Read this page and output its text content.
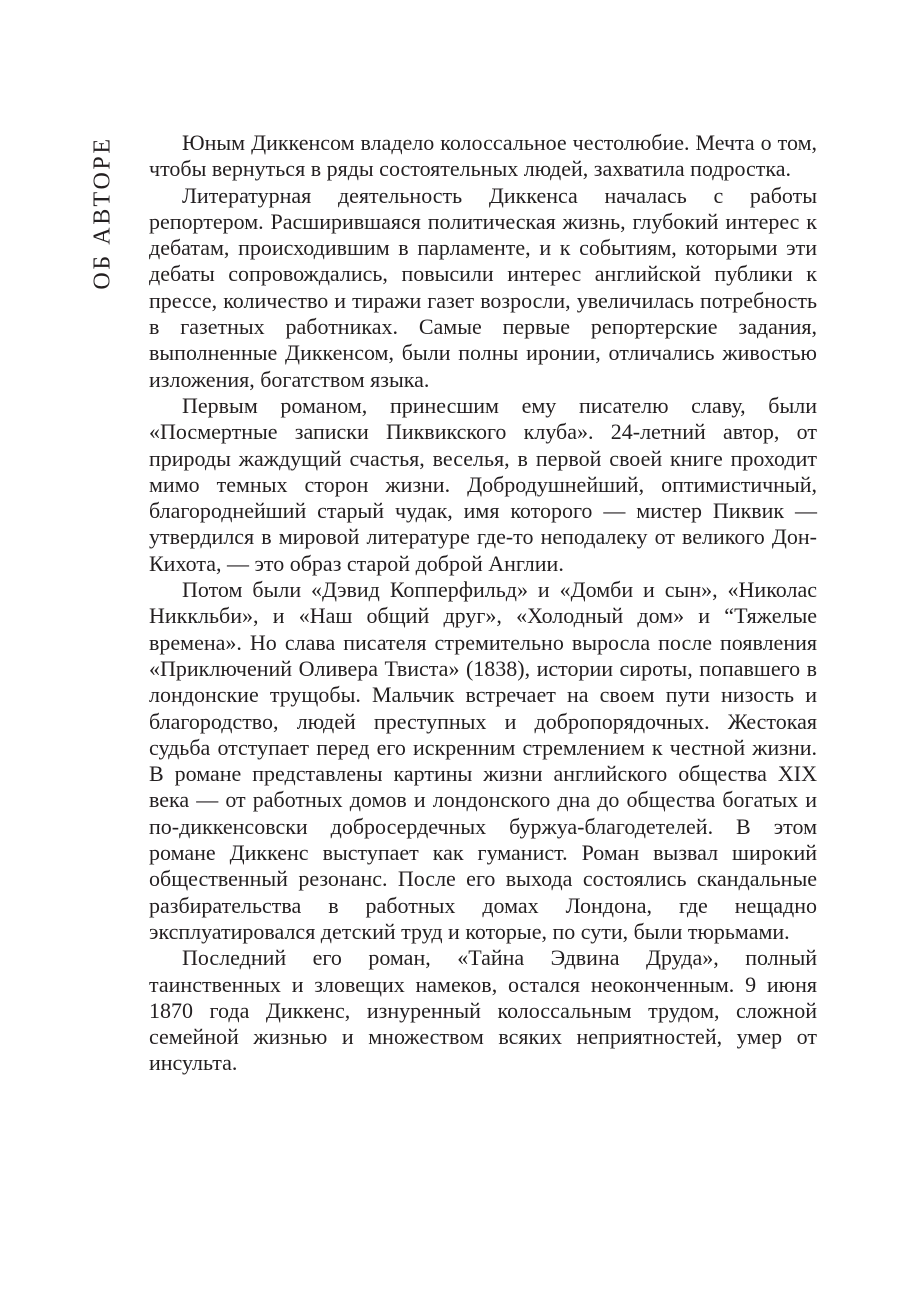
ОБ АВТОРЕ	Юным Диккенсом владело колоссальное честолюбие. Мечта о том, чтобы вернуться в ряды состоятельных людей, захватила подростка.

Литературная деятельность Диккенса началась с работы репортером. Расширившаяся политическая жизнь, глубокий интерес к дебатам, происходившим в парламенте, и к событиям, которыми эти дебаты сопровождались, повысили интерес английской публики к прессе, количество и тиражи газет возросли, увеличилась потребность в газетных работниках. Самые первые репортерские задания, выполненные Диккенсом, были полны иронии, отличались живостью изложения, богатством языка.

Первым романом, принесшим ему писателю славу, были «Посмертные записки Пиквикского клуба». 24-летний автор, от природы жаждущий счастья, веселья, в первой своей книге проходит мимо темных сторон жизни. Добродушнейший, оптимистичный, благороднейший старый чудак, имя которого — мистер Пиквик — утвердился в мировой литературе где-то неподалеку от великого Дон-Кихота, — это образ старой доброй Англии.

Потом были «Дэвид Копперфильд» и «Домби и сын», «Николас Никкльби», и «Наш общий друг», «Холодный дом» и “Тяжелые времена». Но слава писателя стремительно выросла после появления «Приключений Оливера Твиста» (1838), истории сироты, попавшего в лондонские трущобы. Мальчик встречает на своем пути низость и благородство, людей преступных и добропорядочных. Жестокая судьба отступает перед его искренним стремлением к честной жизни. В романе представлены картины жизни английского общества XIX века — от работных домов и лондонского дна до общества богатых и по-диккенсовски добросердечных буржуа-благодетелей. В этом романе Диккенс выступает как гуманист. Роман вызвал широкий общественный резонанс. После его выхода состоялись скандальные разбирательства в работных домах Лондона, где нещадно эксплуатировался детский труд и которые, по сути, были тюрьмами.

Последний его роман, «Тайна Эдвина Друда», полный таинственных и зловещих намеков, остался неоконченным. 9 июня 1870 года Диккенс, изнуренный колоссальным трудом, сложной семейной жизнью и множеством всяких неприятностей, умер от инсульта.
